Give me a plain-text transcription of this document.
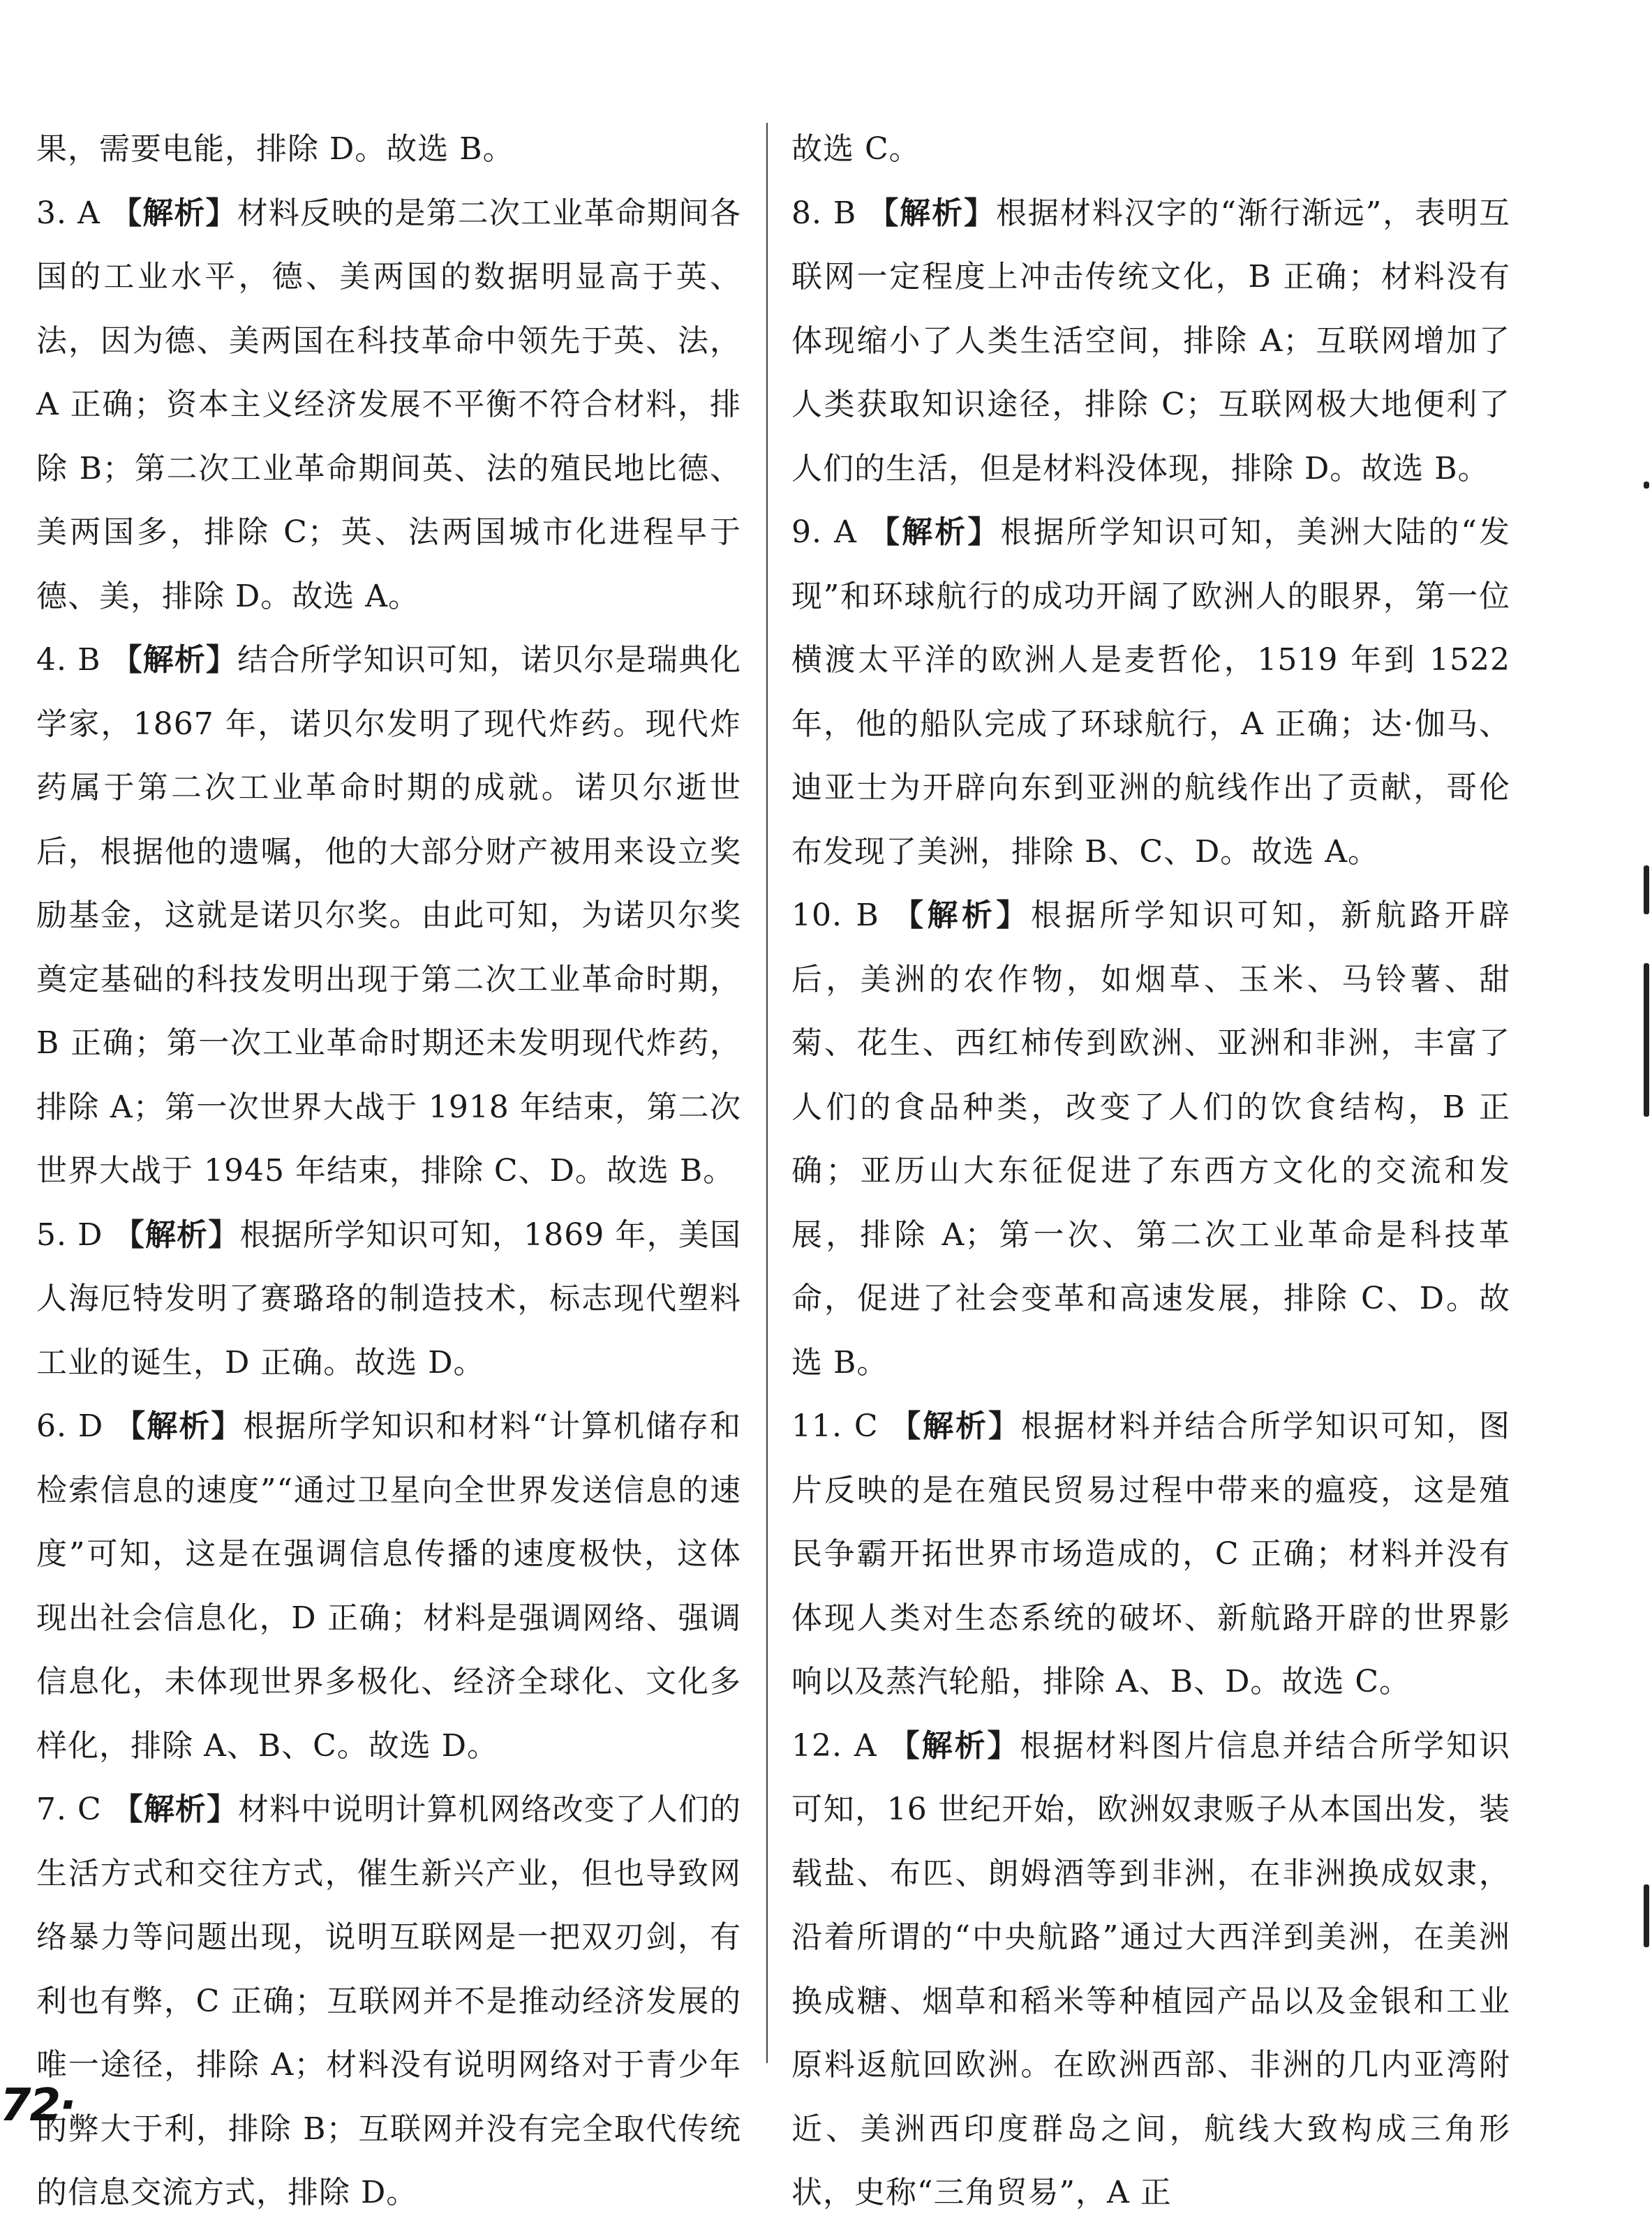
果，需要电能，排除 D。故选 B。

3. A 【解析】材料反映的是第二次工业革命期间各国的工业水平，德、美两国的数据明显高于英、法，因为德、美两国在科技革命中领先于英、法，A 正确；资本主义经济发展不平衡不符合材料，排除 B；第二次工业革命期间英、法的殖民地比德、美两国多，排除 C；英、法两国城市化进程早于德、美，排除 D。故选 A。

4. B 【解析】结合所学知识可知，诺贝尔是瑞典化学家，1867 年，诺贝尔发明了现代炸药。现代炸药属于第二次工业革命时期的成就。诺贝尔逝世后，根据他的遗嘱，他的大部分财产被用来设立奖励基金，这就是诺贝尔奖。由此可知，为诺贝尔奖奠定基础的科技发明出现于第二次工业革命时期，B 正确；第一次工业革命时期还未发明现代炸药，排除 A；第一次世界大战于 1918 年结束，第二次世界大战于 1945 年结束，排除 C、D。故选 B。

5. D 【解析】根据所学知识可知，1869 年，美国人海厄特发明了赛璐珞的制造技术，标志现代塑料工业的诞生，D 正确。故选 D。

6. D 【解析】根据所学知识和材料“计算机储存和检索信息的速度”“通过卫星向全世界发送信息的速度”可知，这是在强调信息传播的速度极快，这体现出社会信息化，D 正确；材料是强调网络、强调信息化，未体现世界多极化、经济全球化、文化多样化，排除 A、B、C。故选 D。

7. C 【解析】材料中说明计算机网络改变了人们的生活方式和交往方式，催生新兴产业，但也导致网络暴力等问题出现，说明互联网是一把双刃剑，有利也有弊，C 正确；互联网并不是推动经济发展的唯一途径，排除 A；材料没有说明网络对于青少年的弊大于利，排除 B；互联网并没有完全取代传统的信息交流方式，排除 D。

故选 C。

8. B 【解析】根据材料汉字的“渐行渐远”，表明互联网一定程度上冲击传统文化，B 正确；材料没有体现缩小了人类生活空间，排除 A；互联网增加了人类获取知识途径，排除 C；互联网极大地便利了人们的生活，但是材料没体现，排除 D。故选 B。

9. A 【解析】根据所学知识可知，美洲大陆的“发现”和环球航行的成功开阔了欧洲人的眼界，第一位横渡太平洋的欧洲人是麦哲伦，1519 年到 1522 年，他的船队完成了环球航行，A 正确；达·伽马、迪亚士为开辟向东到亚洲的航线作出了贡献，哥伦布发现了美洲，排除 B、C、D。故选 A。

10. B 【解析】根据所学知识可知，新航路开辟后，美洲的农作物，如烟草、玉米、马铃薯、甜菊、花生、西红柿传到欧洲、亚洲和非洲，丰富了人们的食品种类，改变了人们的饮食结构，B 正确；亚历山大东征促进了东西方文化的交流和发展，排除 A；第一次、第二次工业革命是科技革命，促进了社会变革和高速发展，排除 C、D。故选 B。

11. C 【解析】根据材料并结合所学知识可知，图片反映的是在殖民贸易过程中带来的瘟疫，这是殖民争霸开拓世界市场造成的，C 正确；材料并没有体现人类对生态系统的破坏、新航路开辟的世界影响以及蒸汽轮船，排除 A、B、D。故选 C。

12. A 【解析】根据材料图片信息并结合所学知识可知，16 世纪开始，欧洲奴隶贩子从本国出发，装载盐、布匹、朗姆酒等到非洲，在非洲换成奴隶，沿着所谓的“中央航路”通过大西洋到美洲，在美洲换成糖、烟草和稻米等种植园产品以及金银和工业原料返航回欧洲。在欧洲西部、非洲的几内亚湾附近、美洲西印度群岛之间，航线大致构成三角形状，史称“三角贸易”，A 正

72·
